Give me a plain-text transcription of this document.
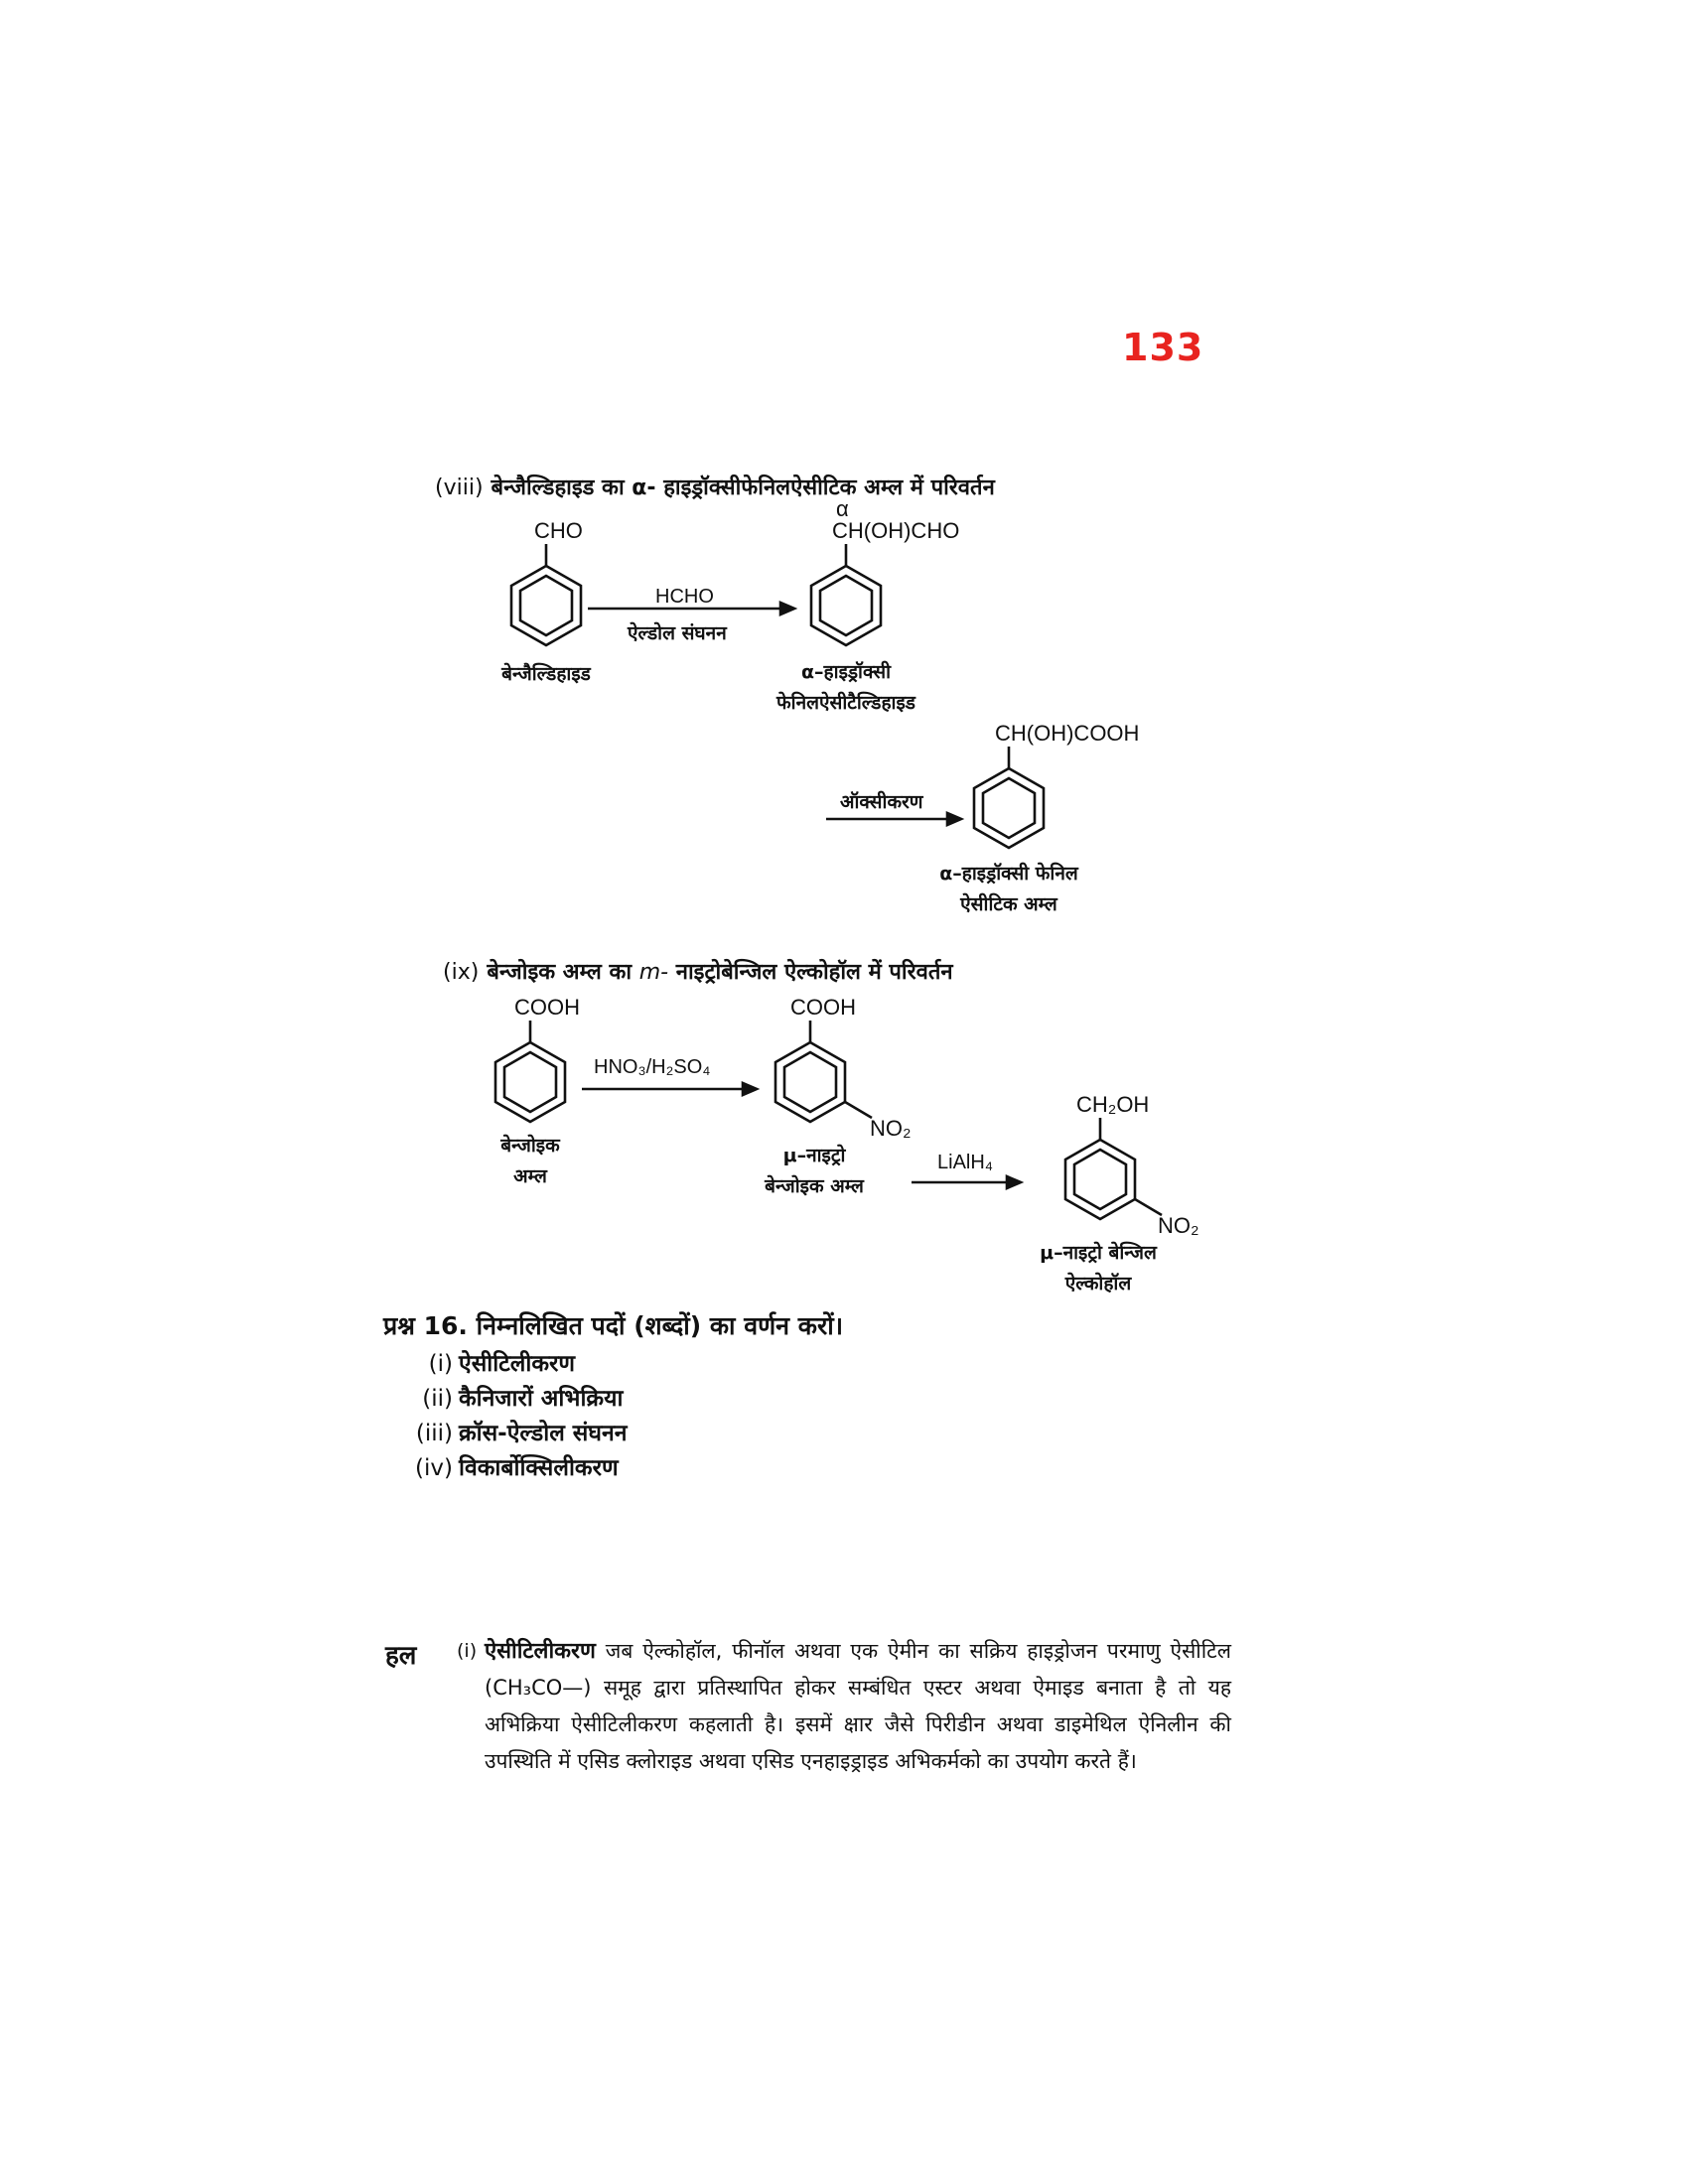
133
(viii) बेन्जैल्डिहाइड का α- हाइड्रॉक्सीफेनिलऐसीटिक अम्ल में परिवर्तन
CHO
बेन्जैल्डिहाइड
HCHO
ऐल्डोल संघनन
α
CH(OH)CHO
α–हाइड्रॉक्सी
फेनिलऐसीटैल्डिहाइड
ऑक्सीकरण
CH(OH)COOH
α–हाइड्रॉक्सी फेनिल
ऐसीटिक अम्ल
(ix) बेन्जोइक अम्ल का m- नाइट्रोबेन्जिल ऐल्कोहॉल में परिवर्तन
COOH
बेन्जोइक
अम्ल
HNO₃/H₂SO₄
COOH
NO₂
μ–नाइट्रो
बेन्जोइक अम्ल
LiAlH₄
CH₂OH
NO₂
μ–नाइट्रो बेन्जिल
ऐल्कोहॉल
प्रश्न 16. निम्नलिखित पदों (शब्दों) का वर्णन करों।
(i) ऐसीटिलीकरण
(ii) कैनिजारों अभिक्रिया
(iii) क्रॉस-ऐल्डोल संघनन
(iv) विकार्बोक्सिलीकरण
हल (i) ऐसीटिलीकरण जब ऐल्कोहॉल, फीनॉल अथवा एक ऐमीन का सक्रिय हाइड्रोजन परमाणु ऐसीटिल (CH₃CO—) समूह द्वारा प्रतिस्थापित होकर सम्बंधित एस्टर अथवा ऐमाइड बनाता है तो यह अभिक्रिया ऐसीटिलीकरण कहलाती है। इसमें क्षार जैसे पिरीडीन अथवा डाइमेथिल ऐनिलीन की उपस्थिति में एसिड क्लोराइड अथवा एसिड एनहाइड्राइड अभिकर्मको का उपयोग करते हैं।
